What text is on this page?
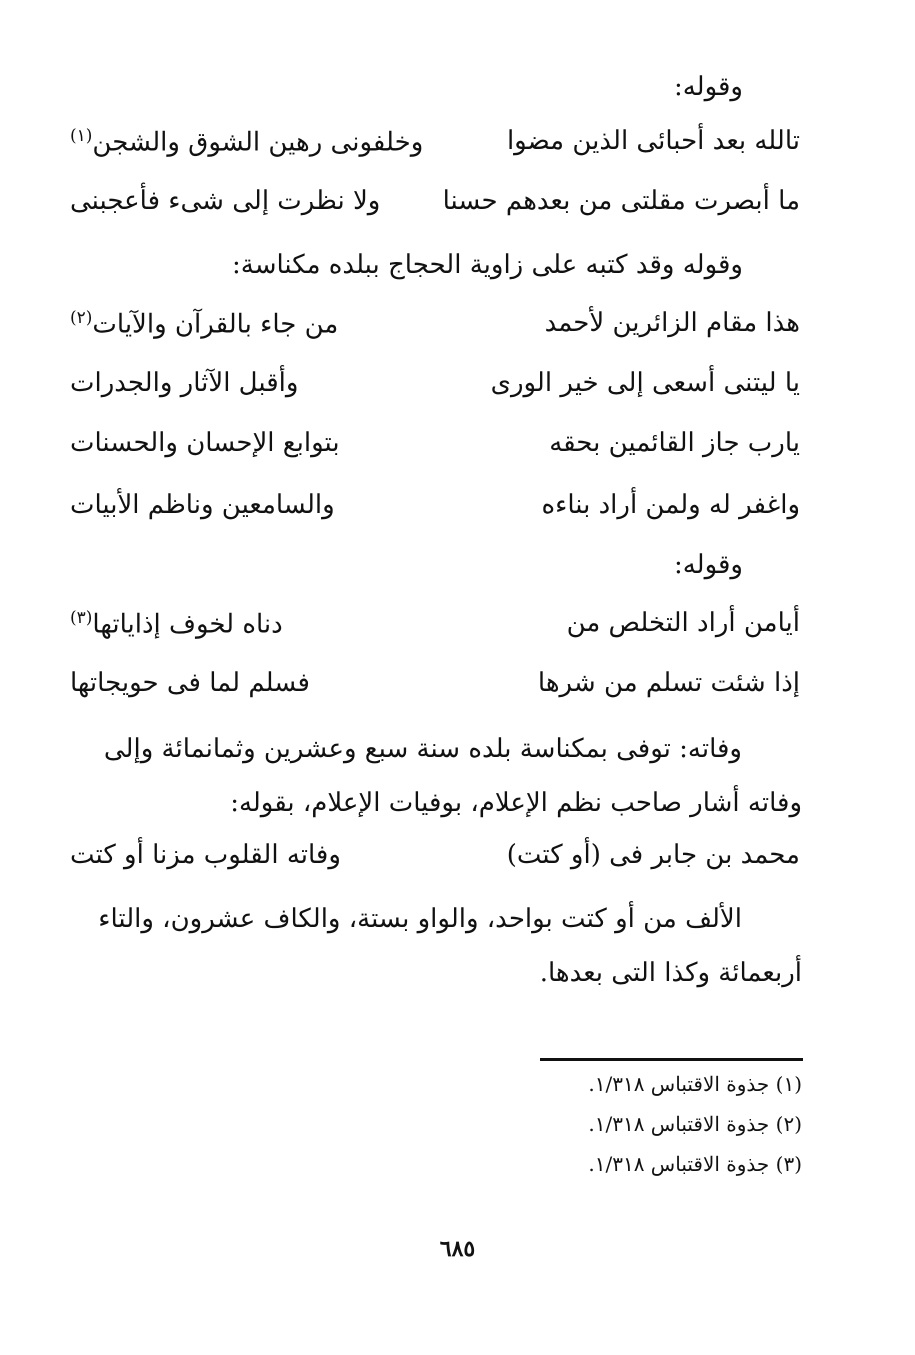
وقوله:
تالله بعد أحبائى الذين مضوا
وخلفونى رهين الشوق والشجن$^{(١)}$
ما أبصرت مقلتى من بعدهم حسنا
ولا نظرت إلى شىء فأعجبنى
وقوله وقد كتبه على زاوية الحجاج ببلده مكناسة:
هذا مقام الزائرين لأحمد
من جاء بالقرآن والآيات$^{(٢)}$
يا ليتنى أسعى إلى خير الورى
وأقبل الآثار والجدرات
يارب جاز القائمين بحقه
بتوابع الإحسان والحسنات
واغفر له ولمن أراد بناءه
والسامعين وناظم الأبيات
وقوله:
أيامن أراد التخلص من
دناه لخوف إذاياتها$^{(٣)}$
إذا شئت تسلم من شرها
فسلم لما فى حويجاتها
وفاته: توفى بمكناسة بلده سنة سبع وعشرين وثمانمائة وإلى وفاته أشار صاحب نظم الإعلام، بوفيات الإعلام، بقوله:
محمد بن جابر فى (أو كتت)
وفاته القلوب مزنا أو كتت
الألف من أو كتت بواحد، والواو بستة، والكاف عشرون، والتاء أربعمائة وكذا التى بعدها.
(١) جذوة الاقتباس ١/٣١٨.
(٢) جذوة الاقتباس ١/٣١٨.
(٣) جذوة الاقتباس ١/٣١٨.
٦٨٥
